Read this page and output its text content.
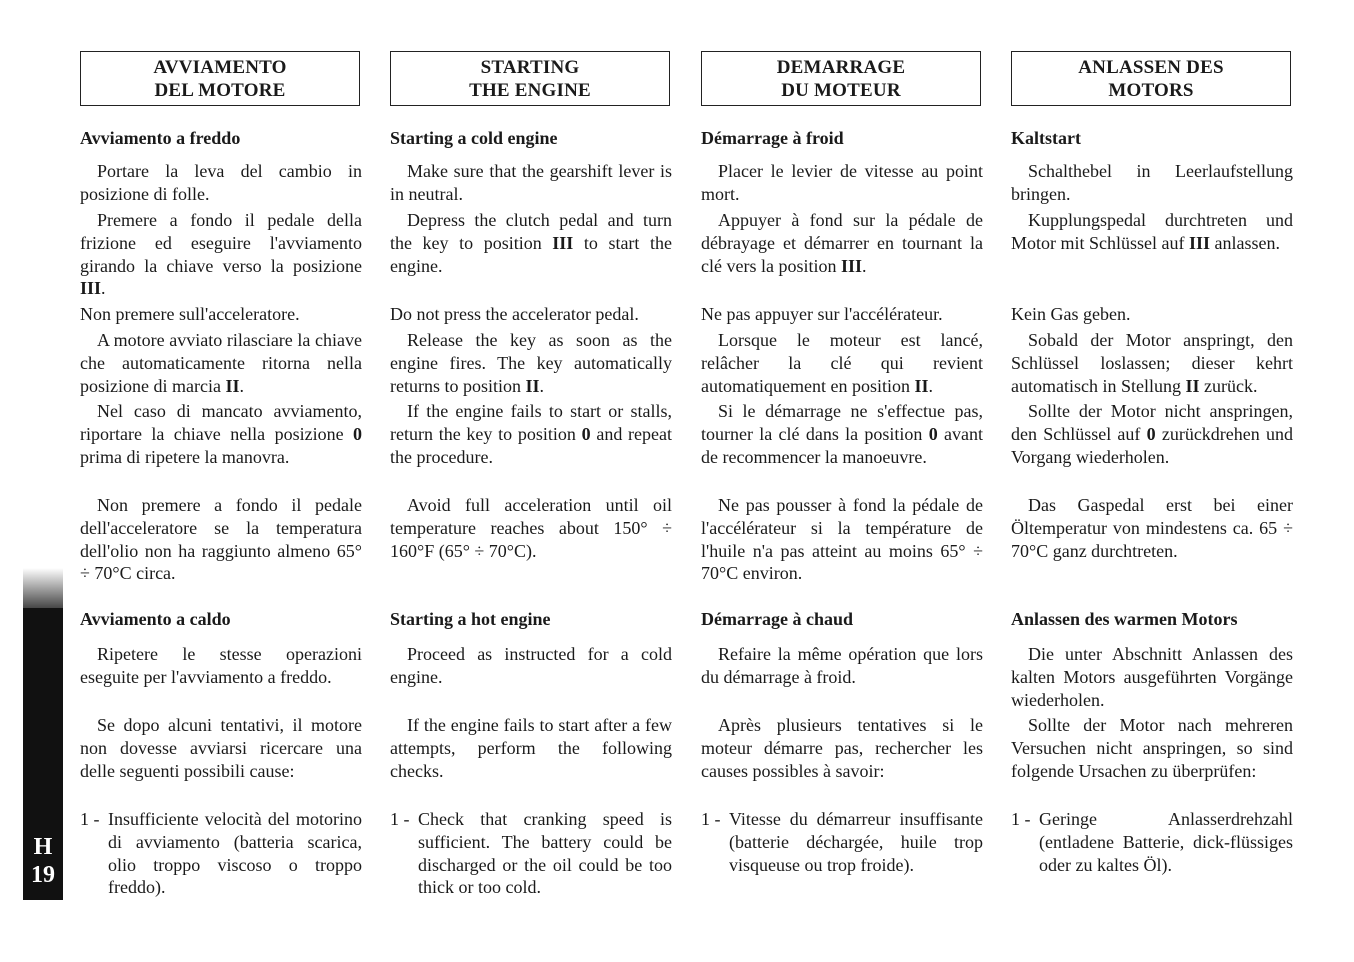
H
19
AVVIAMENTO
DEL MOTORE
Avviamento a freddo
Portare la leva del cambio in posizione di folle.
Premere a fondo il pedale della frizione ed eseguire l'avviamento girando la chiave verso la posizione III.
Non premere sull'acceleratore.
A motore avviato rilasciare la chiave che automaticamente ritorna nella posizione di marcia II.
Nel caso di mancato avviamento, riportare la chiave nella posizione 0 prima di ripetere la manovra.
Non premere a fondo il pedale dell'acceleratore se la temperatura dell'olio non ha raggiunto almeno 65° ÷ 70°C circa.
Avviamento a caldo
Ripetere le stesse operazioni eseguite per l'avviamento a freddo.
Se dopo alcuni tentativi, il motore non dovesse avviarsi ricercare una delle seguenti possibili cause:
1 - Insufficiente velocità del motorino di avviamento (batteria scarica, olio troppo viscoso o troppo freddo).
STARTING
THE ENGINE
Starting a cold engine
Make sure that the gearshift lever is in neutral.
Depress the clutch pedal and turn the key to position III to start the engine.
Do not press the accelerator pedal.
Release the key as soon as the engine fires. The key automatically returns to position II.
If the engine fails to start or stalls, return the key to position 0 and repeat the procedure.
Avoid full acceleration until oil temperature reaches about 150° ÷ 160°F (65° ÷ 70°C).
Starting a hot engine
Proceed as instructed for a cold engine.
If the engine fails to start after a few attempts, perform the following checks.
1 - Check that cranking speed is sufficient. The battery could be discharged or the oil could be too thick or too cold.
DEMARRAGE
DU MOTEUR
Démarrage à froid
Placer le levier de vitesse au point mort.
Appuyer à fond sur la pédale de débrayage et démarrer en tournant la clé vers la position III.
Ne pas appuyer sur l'accélérateur.
Lorsque le moteur est lancé, relâcher la clé qui revient automatiquement en position II.
Si le démarrage ne s'effectue pas, tourner la clé dans la position 0 avant de recommencer la manoeuvre.
Ne pas pousser à fond la pédale de l'accélérateur si la température de l'huile n'a pas atteint au moins 65° ÷ 70°C environ.
Démarrage à chaud
Refaire la même opération que lors du démarrage à froid.
Après plusieurs tentatives si le moteur démarre pas, rechercher les causes possibles à savoir:
1 - Vitesse du démarreur insuffisante (batterie déchargée, huile trop visqueuse ou trop froide).
ANLASSEN DES
MOTORS
Kaltstart
Schalthebel in Leerlaufstellung bringen.
Kupplungspedal durchtreten und Motor mit Schlüssel auf III anlassen.
Kein Gas geben.
Sobald der Motor anspringt, den Schlüssel loslassen; dieser kehrt automatisch in Stellung II zurück.
Sollte der Motor nicht anspringen, den Schlüssel auf 0 zurückdrehen und Vorgang wiederholen.
Das Gaspedal erst bei einer Öltemperatur von mindestens ca. 65 ÷ 70°C ganz durchtreten.
Anlassen des warmen Motors
Die unter Abschnitt Anlassen des kalten Motors ausgeführten Vorgänge wiederholen.
Sollte der Motor nach mehreren Versuchen nicht anspringen, so sind folgende Ursachen zu überprüfen:
1 - Geringe Anlasserdrehzahl (entladene Batterie, dick-flüssiges oder zu kaltes Öl).
